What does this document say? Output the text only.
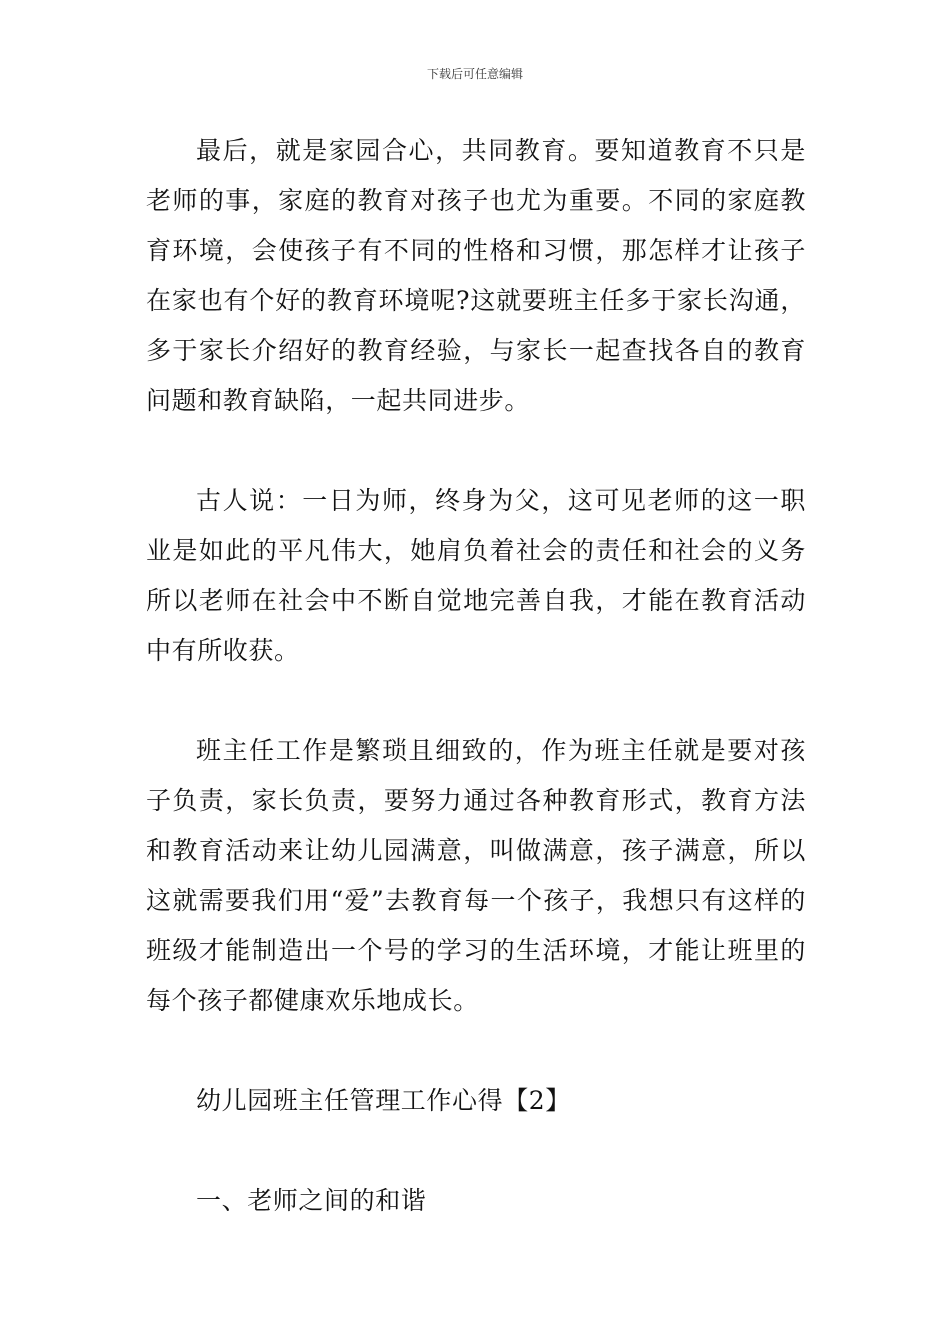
下载后可任意编辑

最后，就是家园合心，共同教育。要知道教育不只是老师的事，家庭的教育对孩子也尤为重要。不同的家庭教育环境，会使孩子有不同的性格和习惯，那怎样才让孩子在家也有个好的教育环境呢?这就要班主任多于家长沟通，多于家长介绍好的教育经验，与家长一起查找各自的教育问题和教育缺陷，一起共同进步。

古人说：一日为师，终身为父，这可见老师的这一职业是如此的平凡伟大，她肩负着社会的责任和社会的义务所以老师在社会中不断自觉地完善自我，才能在教育活动中有所收获。

班主任工作是繁琐且细致的，作为班主任就是要对孩子负责，家长负责，要努力通过各种教育形式，教育方法和教育活动来让幼儿园满意，叫做满意，孩子满意，所以这就需要我们用“爱”去教育每一个孩子，我想只有这样的班级才能制造出一个号的学习的生活环境，才能让班里的每个孩子都健康欢乐地成长。

幼儿园班主任管理工作心得【2】

一、老师之间的和谐
